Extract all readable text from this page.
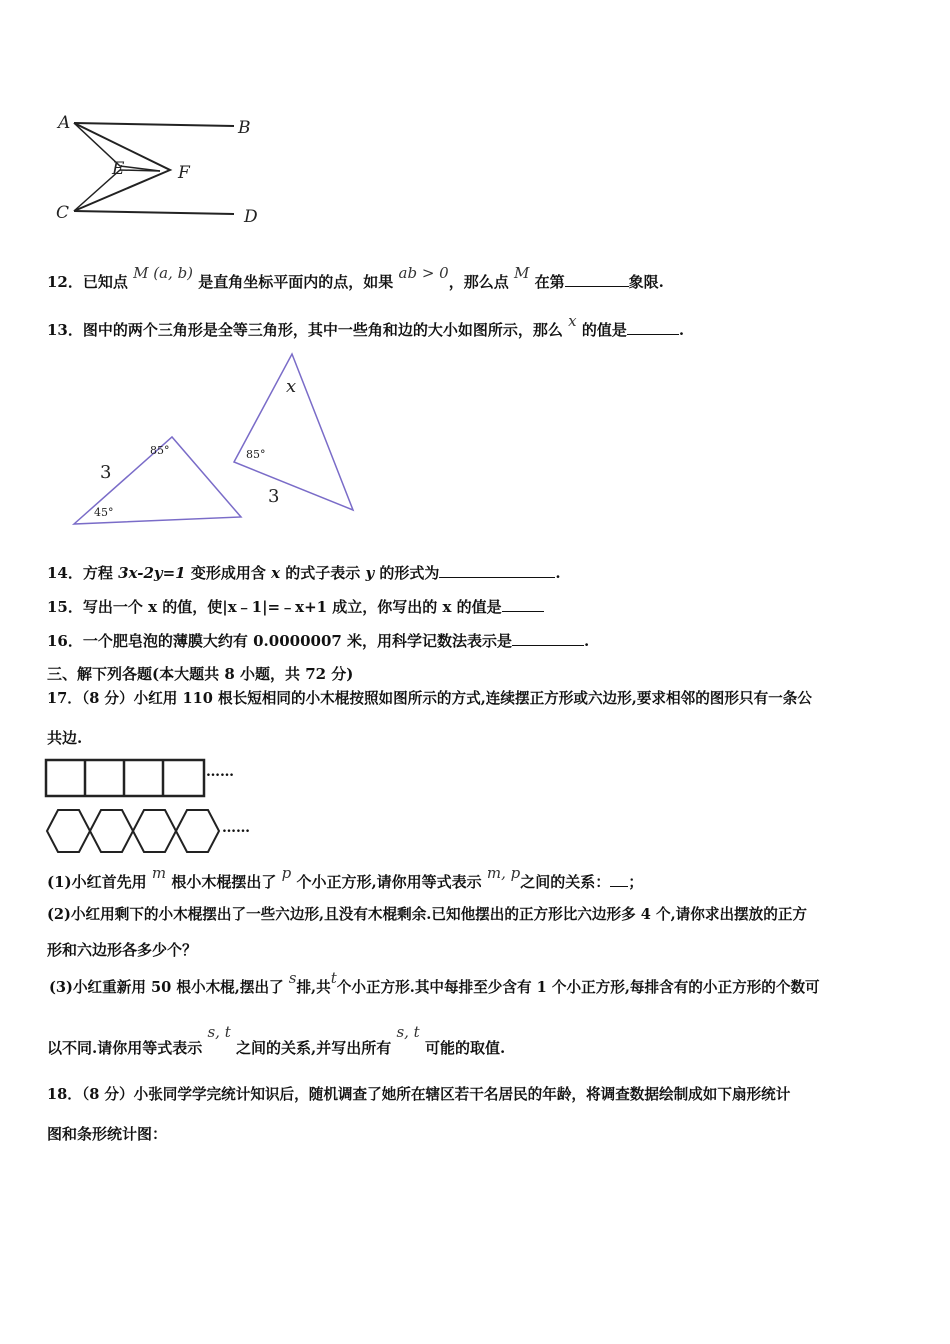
A	B
C	D
E	F
12．已知点 M (a, b) 是直角坐标平面内的点，如果 ab > 0，那么点 M 在第	象限.
13．图中的两个三角形是全等三角形，其中一些角和边的大小如图所示，那么 x 的值是	.
3
85°
45°
x
85°
3
14．方程 3x-2y=1 变形成用含 x 的式子表示 y 的形式为	.
15．写出一个 x 的值，使|x﹣1|=﹣x+1 成立，你写出的 x 的值是
16．一个肥皂泡的薄膜大约有 0.0000007 米，用科学记数法表示是	.
三、解下列各题(本大题共 8 小题，共 72 分)
17．（8 分）小红用 110 根长短相同的小木棍按照如图所示的方式,连续摆正方形或六边形,要求相邻的图形只有一条公
共边.
……
……
(1)小红首先用 m 根小木棍摆出了 p 个小正方形,请你用等式表示 m, p之间的关系： ；
(2)小红用剩下的小木棍摆出了一些六边形,且没有木棍剩余.已知他摆出的正方形比六边形多 4 个,请你求出摆放的正方
形和六边形各多少个？
(3)小红重新用 50 根小木棍,摆出了 s排,共t个小正方形.其中每排至少含有 1 个小正方形,每排含有的小正方形的个数可
以不同.请你用等式表示 s, t 之间的关系,并写出所有 s, t 可能的取值.
18．（8 分）小张同学学完统计知识后，随机调查了她所在辖区若干名居民的年龄，将调查数据绘制成如下扇形统计
图和条形统计图：
